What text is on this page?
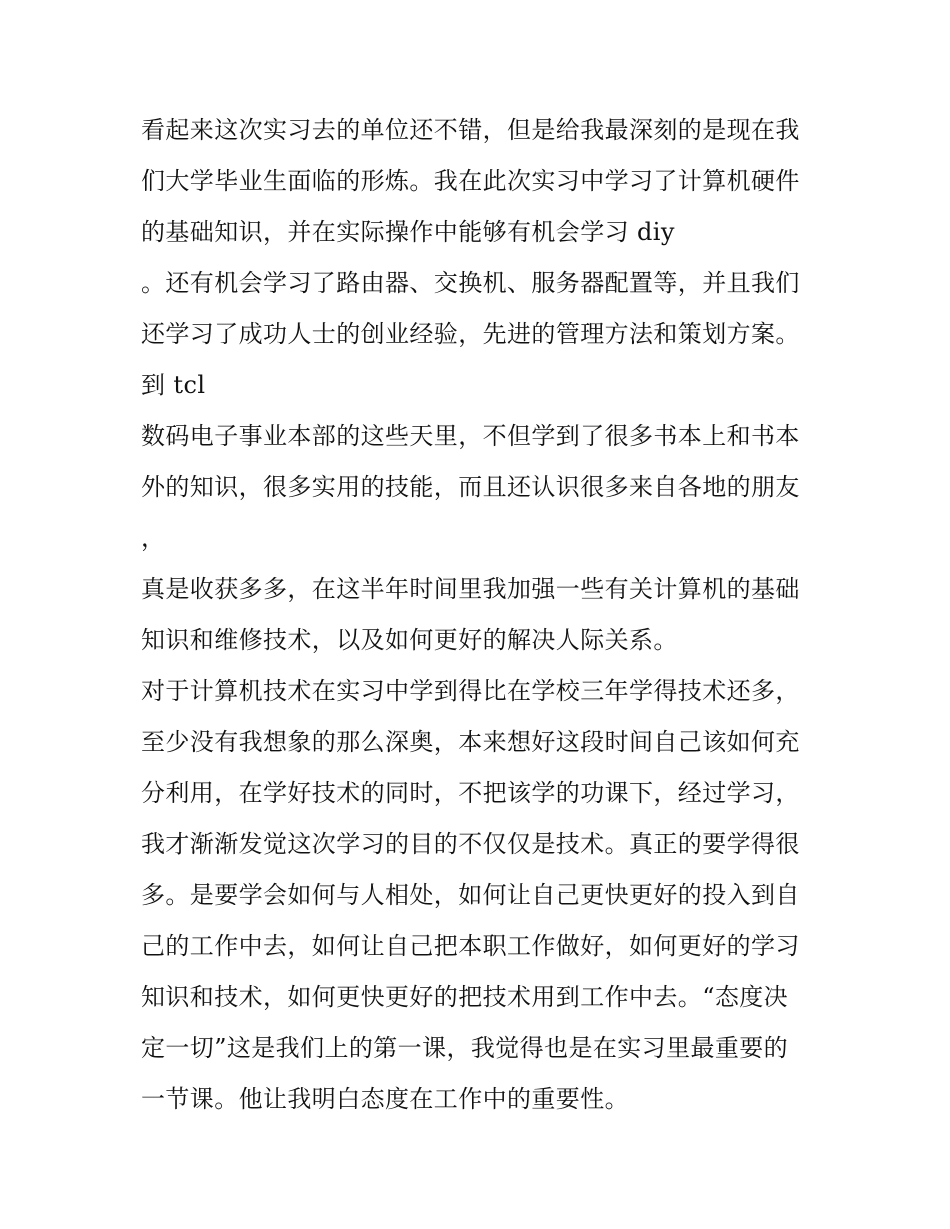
看起来这次实习去的单位还不错，但是给我最深刻的是现在我
们大学毕业生面临的形炼。我在此次实习中学习了计算机硬件
的基础知识，并在实际操作中能够有机会学习 diy
。还有机会学习了路由器、交换机、服务器配置等，并且我们
还学习了成功人士的创业经验，先进的管理方法和策划方案。
到 tcl
数码电子事业本部的这些天里，不但学到了很多书本上和书本
外的知识，很多实用的技能，而且还认识很多来自各地的朋友
，
真是收获多多，在这半年时间里我加强一些有关计算机的基础
知识和维修技术，以及如何更好的解决人际关系。
对于计算机技术在实习中学到得比在学校三年学得技术还多，
至少没有我想象的那么深奥，本来想好这段时间自己该如何充
分利用，在学好技术的同时，不把该学的功课下，经过学习，
我才渐渐发觉这次学习的目的不仅仅是技术。真正的要学得很
多。是要学会如何与人相处，如何让自己更快更好的投入到自
己的工作中去，如何让自己把本职工作做好，如何更好的学习
知识和技术，如何更快更好的把技术用到工作中去。“态度决
定一切”这是我们上的第一课，我觉得也是在实习里最重要的
一节课。他让我明白态度在工作中的重要性。
